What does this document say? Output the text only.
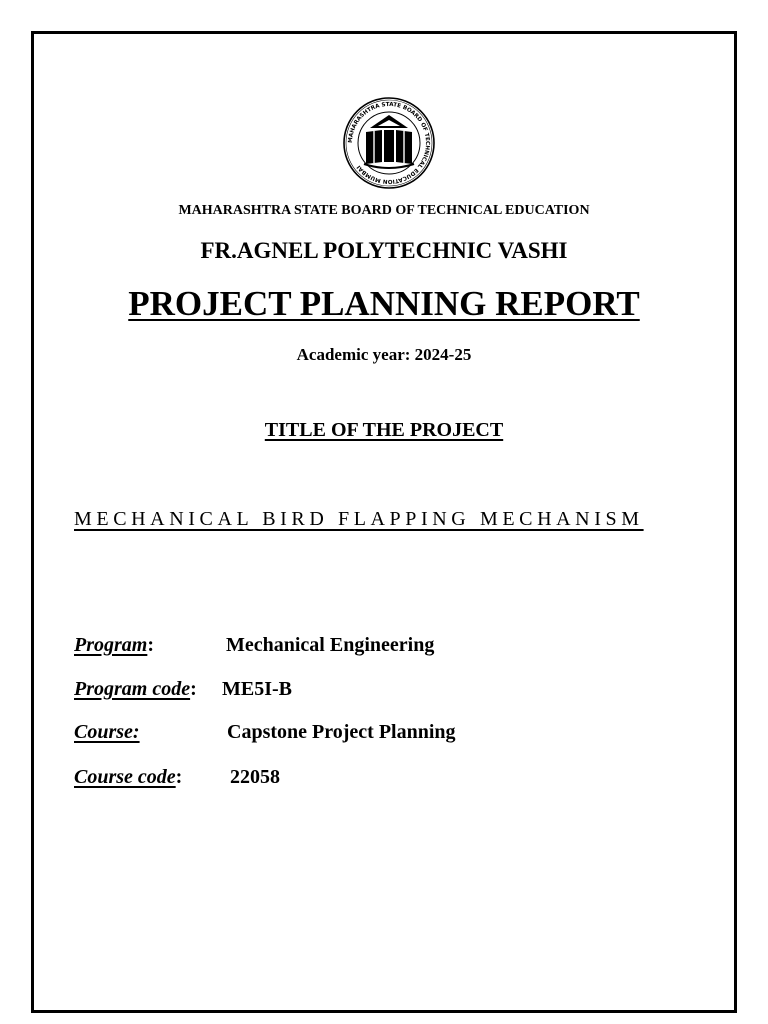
MAHARASHTRA STATE BOARD OF TECHNICAL EDUCATION MUMBAI
MAHARASHTRA STATE BOARD OF TECHNICAL EDUCATION
FR.AGNEL POLYTECHNIC VASHI
PROJECT PLANNING REPORT
Academic year: 2024-25
TITLE OF THE PROJECT
MECHANICAL BIRD FLAPPING MECHANISM
Program:	Mechanical Engineering
Program code: ME5I-B
Course:	Capstone Project Planning
Course code: 22058
